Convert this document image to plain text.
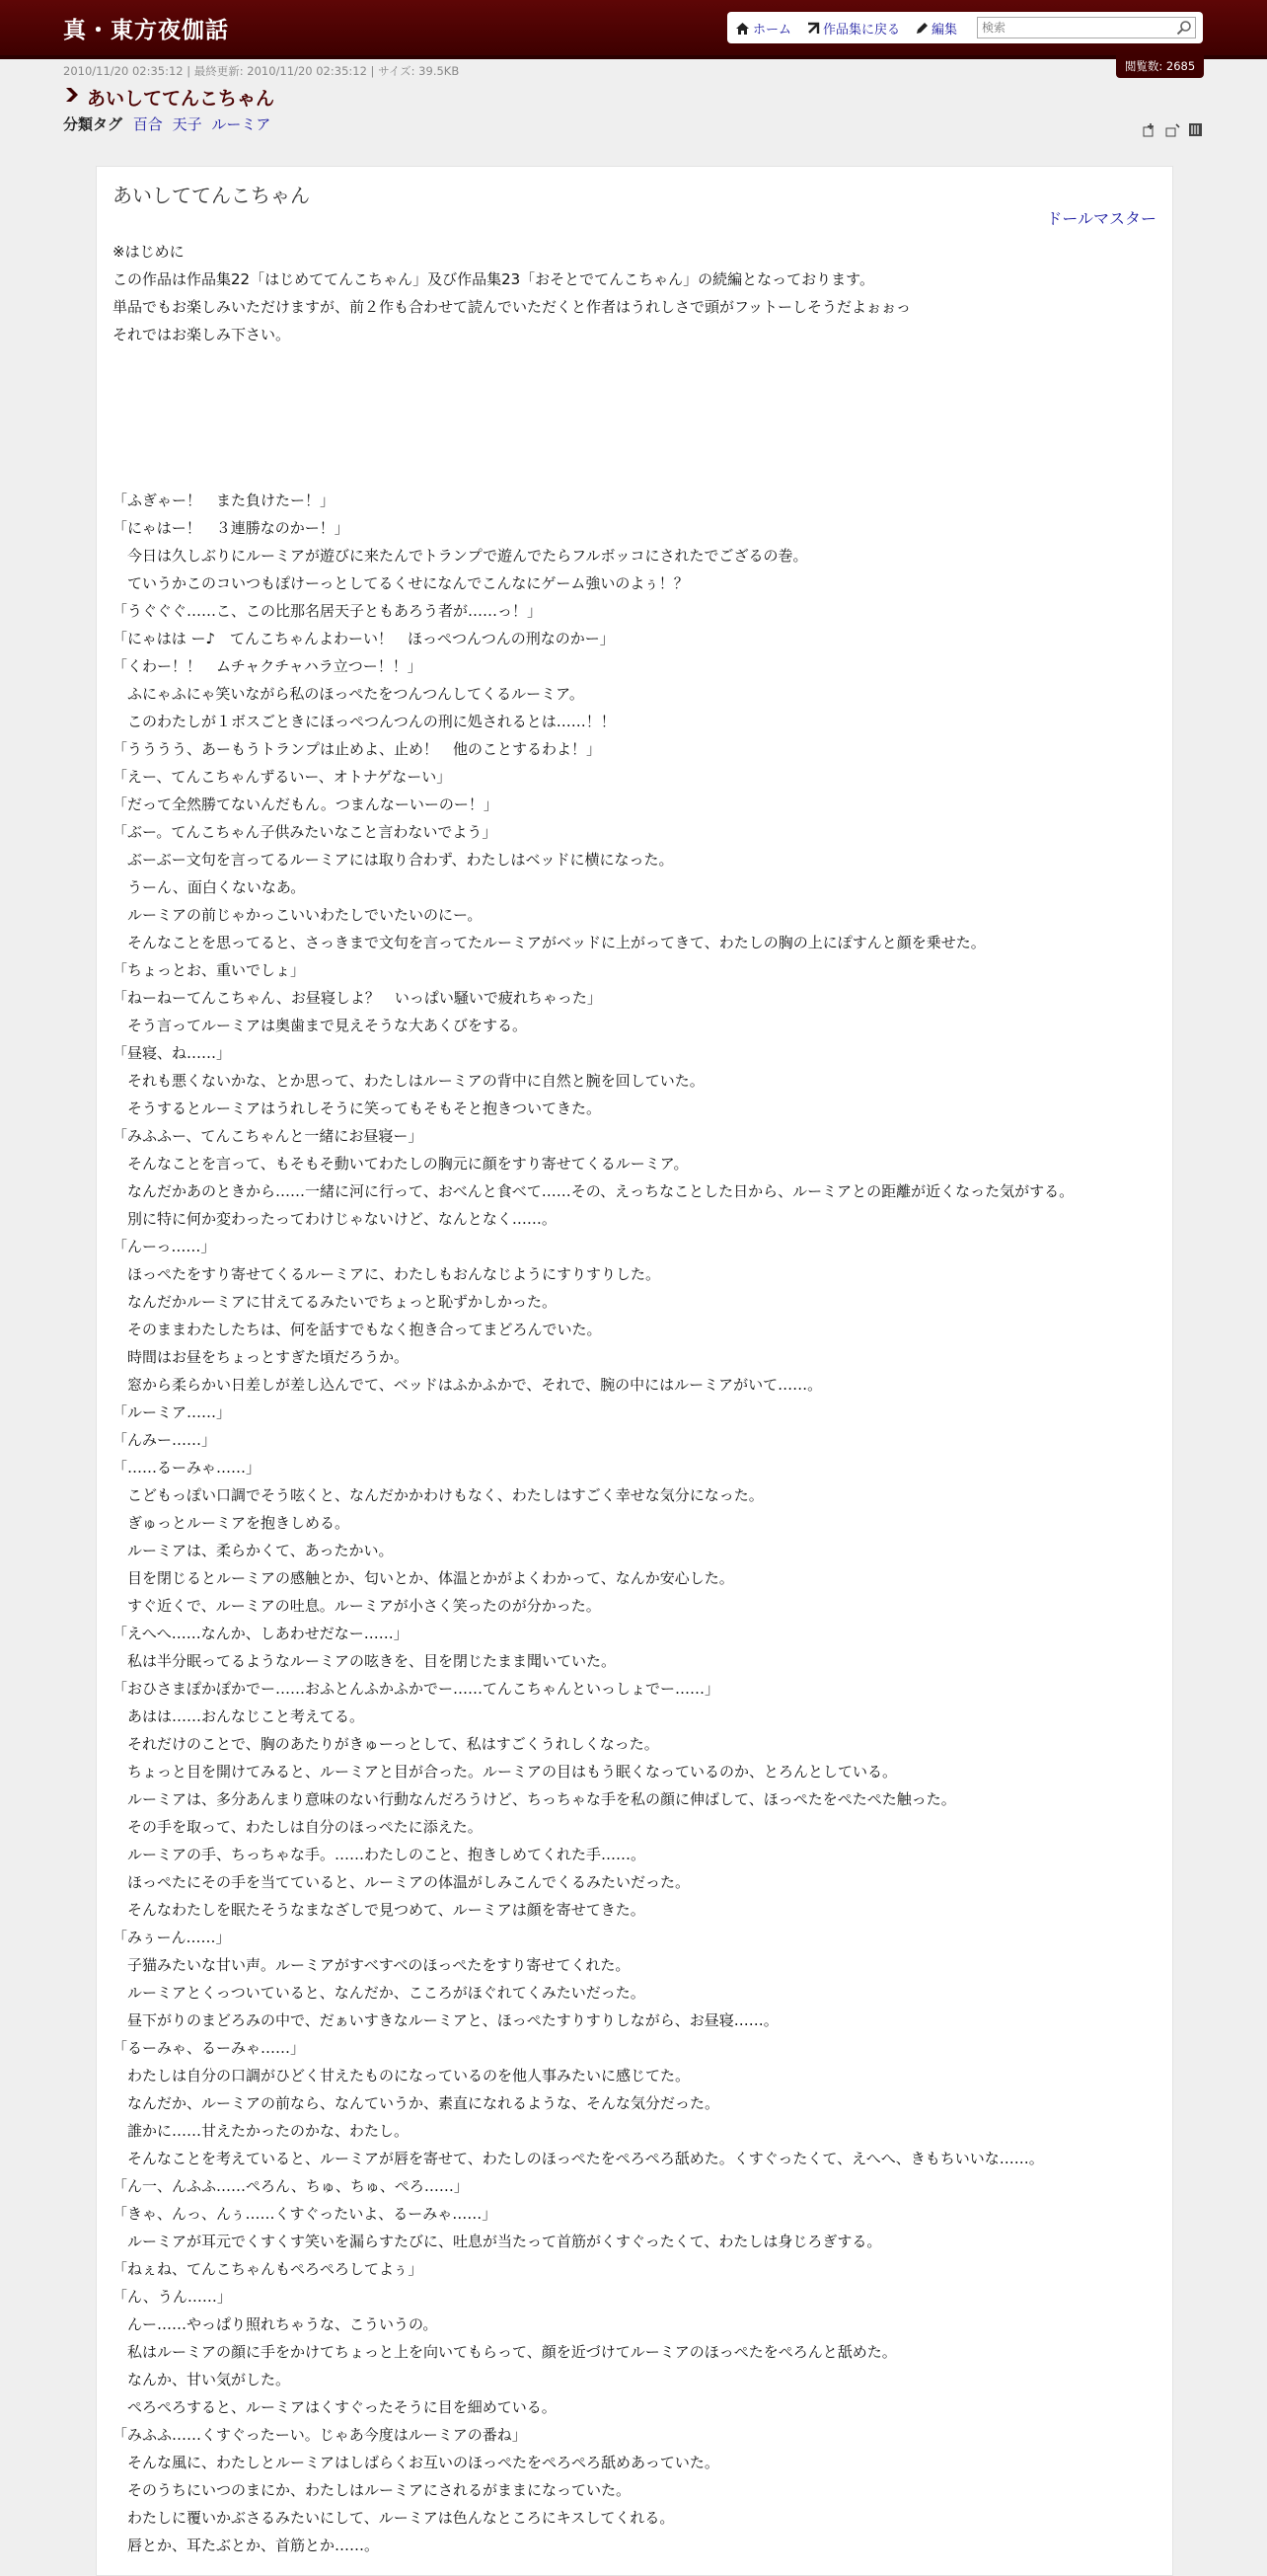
真・東方夜伽話	ホーム	作品集に戻る	編集
検索
閲覧数: 2685
2010/11/20 02:35:12 | 最終更新: 2010/11/20 02:35:12 | サイズ: 39.5KB
あいしててんこちゃん
分類タグ 百合 天子 ルーミア

あいしててんこちゃん
ドールマスター
※はじめに
この作品は作品集22「はじめててんこちゃん」及び作品集23「おそとでてんこちゃん」の続編となっております。
単品でもお楽しみいただけますが、前２作も合わせて読んでいただくと作者はうれしさで頭がフットーしそうだよぉぉっ
それではお楽しみ下さい。
「ふぎゃー！　また負けたー！」
「にゃはー！　３連勝なのかー！」
　今日は久しぶりにルーミアが遊びに来たんでトランプで遊んでたらフルボッコにされたでござるの巻。
　ていうかこのコいつもぽけーっとしてるくせになんでこんなにゲーム強いのよぅ！？
「うぐぐぐ……こ、この比那名居天子ともあろう者が……っ！」
「にゃはは ー♪　てんこちゃんよわーい！　ほっぺつんつんの刑なのかー」
「くわー！！　ムチャクチャハラ立つー！！」
　ふにゃふにゃ笑いながら私のほっぺたをつんつんしてくるルーミア。
　このわたしが１ボスごときにほっぺつんつんの刑に処されるとは……！！
「うううう、あーもうトランプは止めよ、止め！　他のことするわよ！」
「えー、てんこちゃんずるいー、オトナゲなーい」
「だって全然勝てないんだもん。つまんなーいーのー！」
「ぶー。てんこちゃん子供みたいなこと言わないでよう」
　ぶーぶー文句を言ってるルーミアには取り合わず、わたしはベッドに横になった。
　うーん、面白くないなあ。
　ルーミアの前じゃかっこいいわたしでいたいのにー。
　そんなことを思ってると、さっきまで文句を言ってたルーミアがベッドに上がってきて、わたしの胸の上にぽすんと顔を乗せた。
「ちょっとお、重いでしょ」
「ねーねーてんこちゃん、お昼寝しよ？　いっぱい騒いで疲れちゃった」
　そう言ってルーミアは奥歯まで見えそうな大あくびをする。
「昼寝、ね……」
　それも悪くないかな、とか思って、わたしはルーミアの背中に自然と腕を回していた。
　そうするとルーミアはうれしそうに笑ってもそもそと抱きついてきた。
「みふふー、てんこちゃんと一緒にお昼寝ー」
　そんなことを言って、もそもそ動いてわたしの胸元に顔をすり寄せてくるルーミア。
　なんだかあのときから……一緒に河に行って、おべんと食べて……その、えっちなことした日から、ルーミアとの距離が近くなった気がする。
　別に特に何か変わったってわけじゃないけど、なんとなく……。
「んーっ……」
　ほっぺたをすり寄せてくるルーミアに、わたしもおんなじようにすりすりした。
　なんだかルーミアに甘えてるみたいでちょっと恥ずかしかった。
　そのままわたしたちは、何を話すでもなく抱き合ってまどろんでいた。
　時間はお昼をちょっとすぎた頃だろうか。
　窓から柔らかい日差しが差し込んでて、ベッドはふかふかで、それで、腕の中にはルーミアがいて……。
「ルーミア……」
「んみー……」
「……るーみゃ……」
　こどもっぽい口調でそう呟くと、なんだかかわけもなく、わたしはすごく幸せな気分になった。
　ぎゅっとルーミアを抱きしめる。
　ルーミアは、柔らかくて、あったかい。
　目を閉じるとルーミアの感触とか、匂いとか、体温とかがよくわかって、なんか安心した。
　すぐ近くで、ルーミアの吐息。ルーミアが小さく笑ったのが分かった。
「えへへ……なんか、しあわせだなー……」
　私は半分眠ってるようなルーミアの呟きを、目を閉じたまま聞いていた。
「おひさまぽかぽかでー……おふとんふかふかでー……てんこちゃんといっしょでー……」
　あはは……おんなじこと考えてる。
　それだけのことで、胸のあたりがきゅーっとして、私はすごくうれしくなった。
　ちょっと目を開けてみると、ルーミアと目が合った。ルーミアの目はもう眠くなっているのか、とろんとしている。
　ルーミアは、多分あんまり意味のない行動なんだろうけど、ちっちゃな手を私の顔に伸ばして、ほっぺたをぺたぺた触った。
　その手を取って、わたしは自分のほっぺたに添えた。
　ルーミアの手、ちっちゃな手。……わたしのこと、抱きしめてくれた手……。
　ほっぺたにその手を当てていると、ルーミアの体温がしみこんでくるみたいだった。
　そんなわたしを眠たそうなまなざしで見つめて、ルーミアは顔を寄せてきた。
「みぅーん……」
　子猫みたいな甘い声。ルーミアがすべすべのほっぺたをすり寄せてくれた。
　ルーミアとくっついていると、なんだか、こころがほぐれてくみたいだった。
　昼下がりのまどろみの中で、だぁいすきなルーミアと、ほっぺたすりすりしながら、お昼寝……。
「るーみゃ、るーみゃ……」
　わたしは自分の口調がひどく甘えたものになっているのを他人事みたいに感じてた。
　なんだか、ルーミアの前なら、なんていうか、素直になれるような、そんな気分だった。
　誰かに……甘えたかったのかな、わたし。
　そんなことを考えていると、ルーミアが唇を寄せて、わたしのほっぺたをぺろぺろ舐めた。くすぐったくて、えへへ、きもちいいな……。
「ん一、んふふ……ぺろん、ちゅ、ちゅ、ぺろ……」
「きゃ、んっ、んぅ……くすぐったいよ、るーみゃ……」
　ルーミアが耳元でくすくす笑いを漏らすたびに、吐息が当たって首筋がくすぐったくて、わたしは身じろぎする。
「ねぇね、てんこちゃんもぺろぺろしてよぅ」
「ん、うん……」
　んー……やっぱり照れちゃうな、こういうの。
　私はルーミアの顔に手をかけてちょっと上を向いてもらって、顔を近づけてルーミアのほっぺたをぺろんと舐めた。
　なんか、甘い気がした。
　ぺろぺろすると、ルーミアはくすぐったそうに目を細めている。
「みふふ……くすぐったーい。じゃあ今度はルーミアの番ね」
　そんな風に、わたしとルーミアはしばらくお互いのほっぺたをぺろぺろ舐めあっていた。
　そのうちにいつのまにか、わたしはルーミアにされるがままになっていた。
　わたしに覆いかぶさるみたいにして、ルーミアは色んなところにキスしてくれる。
　唇とか、耳たぶとか、首筋とか……。
